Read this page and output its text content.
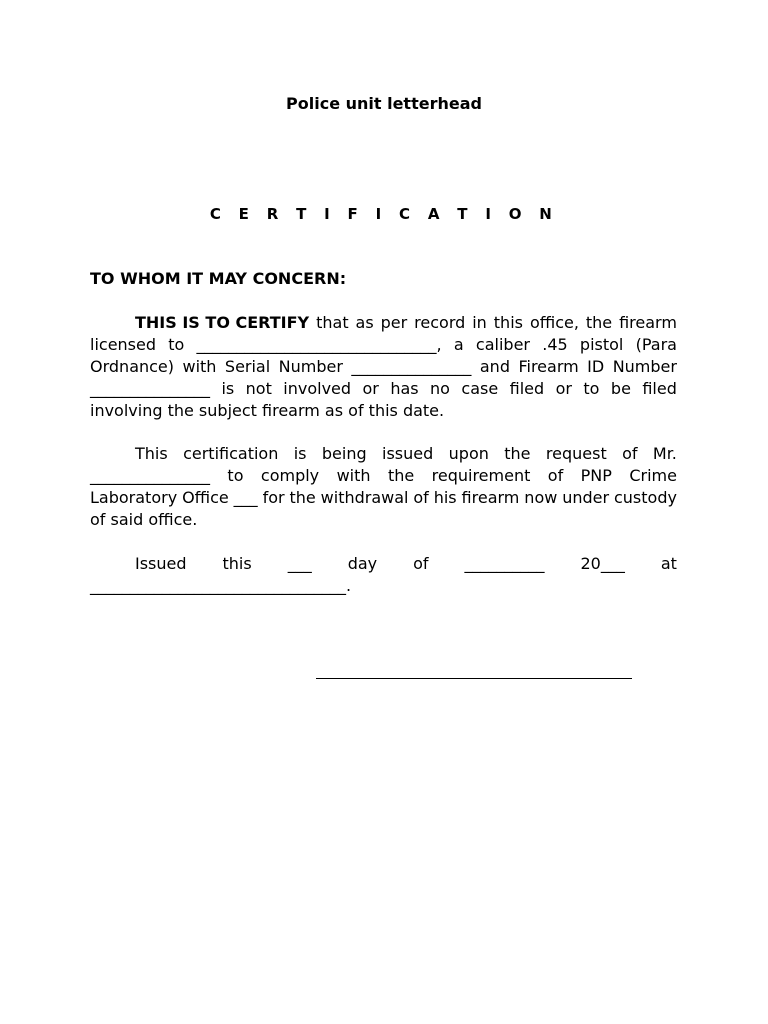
Police unit letterhead
C E R T I F I C A T I O N
TO WHOM IT MAY CONCERN:
THIS IS TO CERTIFY that as per record in this office, the firearm
licensed to ______________________________, a caliber .45 pistol (Para
Ordnance) with Serial Number _______________ and Firearm ID Number
_______________ is not involved or has no case filed or to be filed
involving the subject firearm as of this date.
This certification is being issued upon the request of Mr.
_______________ to comply with the requirement of PNP Crime
Laboratory Office ___ for the withdrawal of his firearm now under custody
of said office.
Issued this ___ day of __________ 20___ at
________________________________.
